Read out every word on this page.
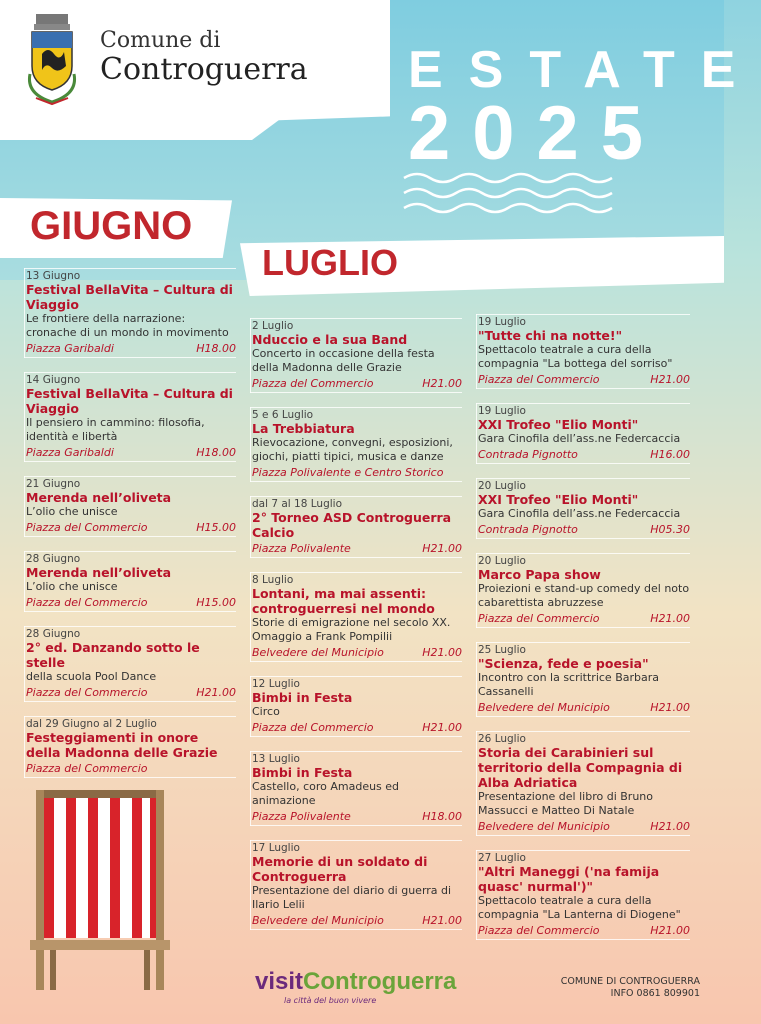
Comune di
Controguerra ESTATE
2025
GIUGNO
LUGLIO
13 Giugno
Festival BellaVita – Cultura di Viaggio
Le frontiere della narrazione: cronache di un mondo in movimento
Piazza Garibaldi	H18.00
14 Giugno
Festival BellaVita – Cultura di Viaggio
Il pensiero in cammino: filosofia, identità e libertà
Piazza Garibaldi	H18.00
21 Giugno
Merenda nell’oliveta
L’olio che unisce
Piazza del Commercio	H15.00
28 Giugno
Merenda nell’oliveta
L’olio che unisce
Piazza del Commercio	H15.00
28 Giugno
2° ed. Danzando sotto le stelle
della scuola Pool Dance
Piazza del Commercio	H21.00
dal 29 Giugno al 2 Luglio
Festeggiamenti in onore della Madonna delle Grazie
Piazza del Commercio
2 Luglio
Nduccio e la sua Band
Concerto in occasione della festa della Madonna delle Grazie
Piazza del Commercio	H21.00
5 e 6 Luglio
La Trebbiatura
Rievocazione, convegni, esposizioni, giochi, piatti tipici, musica e danze
Piazza Polivalente e Centro Storico
dal 7 al 18 Luglio
2° Torneo ASD Controguerra Calcio
Piazza Polivalente	H21.00
8 Luglio
Lontani, ma mai assenti: controguerresi nel mondo
Storie di emigrazione nel secolo XX. Omaggio a Frank Pompilii
Belvedere del Municipio	H21.00
12 Luglio
Bimbi in Festa
Circo
Piazza del Commercio	H21.00
13 Luglio
Bimbi in Festa
Castello, coro Amadeus ed animazione
Piazza Polivalente	H18.00
17 Luglio
Memorie di un soldato di Controguerra
Presentazione del diario di guerra di Ilario Lelii
Belvedere del Municipio	H21.00
19 Luglio
"Tutte chi na notte!"
Spettacolo teatrale a cura della compagnia "La bottega del sorriso"
Piazza del Commercio	H21.00
19 Luglio
XXI Trofeo "Elio Monti"
Gara Cinofila dell’ass.ne Federcaccia
Contrada Pignotto	H16.00
20 Luglio
XXI Trofeo "Elio Monti"
Gara Cinofila dell’ass.ne Federcaccia
Contrada Pignotto	H05.30
20 Luglio
Marco Papa show
Proiezioni e stand-up comedy del noto cabarettista abruzzese
Piazza del Commercio	H21.00
25 Luglio
"Scienza, fede e poesia"
Incontro con la scrittrice Barbara Cassanelli
Belvedere del Municipio	H21.00
26 Luglio
Storia dei Carabinieri sul territorio della Compagnia di Alba Adriatica
Presentazione del libro di Bruno Massucci e Matteo Di Natale
Belvedere del Municipio	H21.00
27 Luglio
"Altri Maneggi ('na famija quasc' nurmal')"
Spettacolo teatrale a cura della compagnia "La Lanterna di Diogene"
Piazza del Commercio	H21.00
visitControguerra
la città del buon vivere
COMUNE DI CONTROGUERRA
INFO 0861 809901
